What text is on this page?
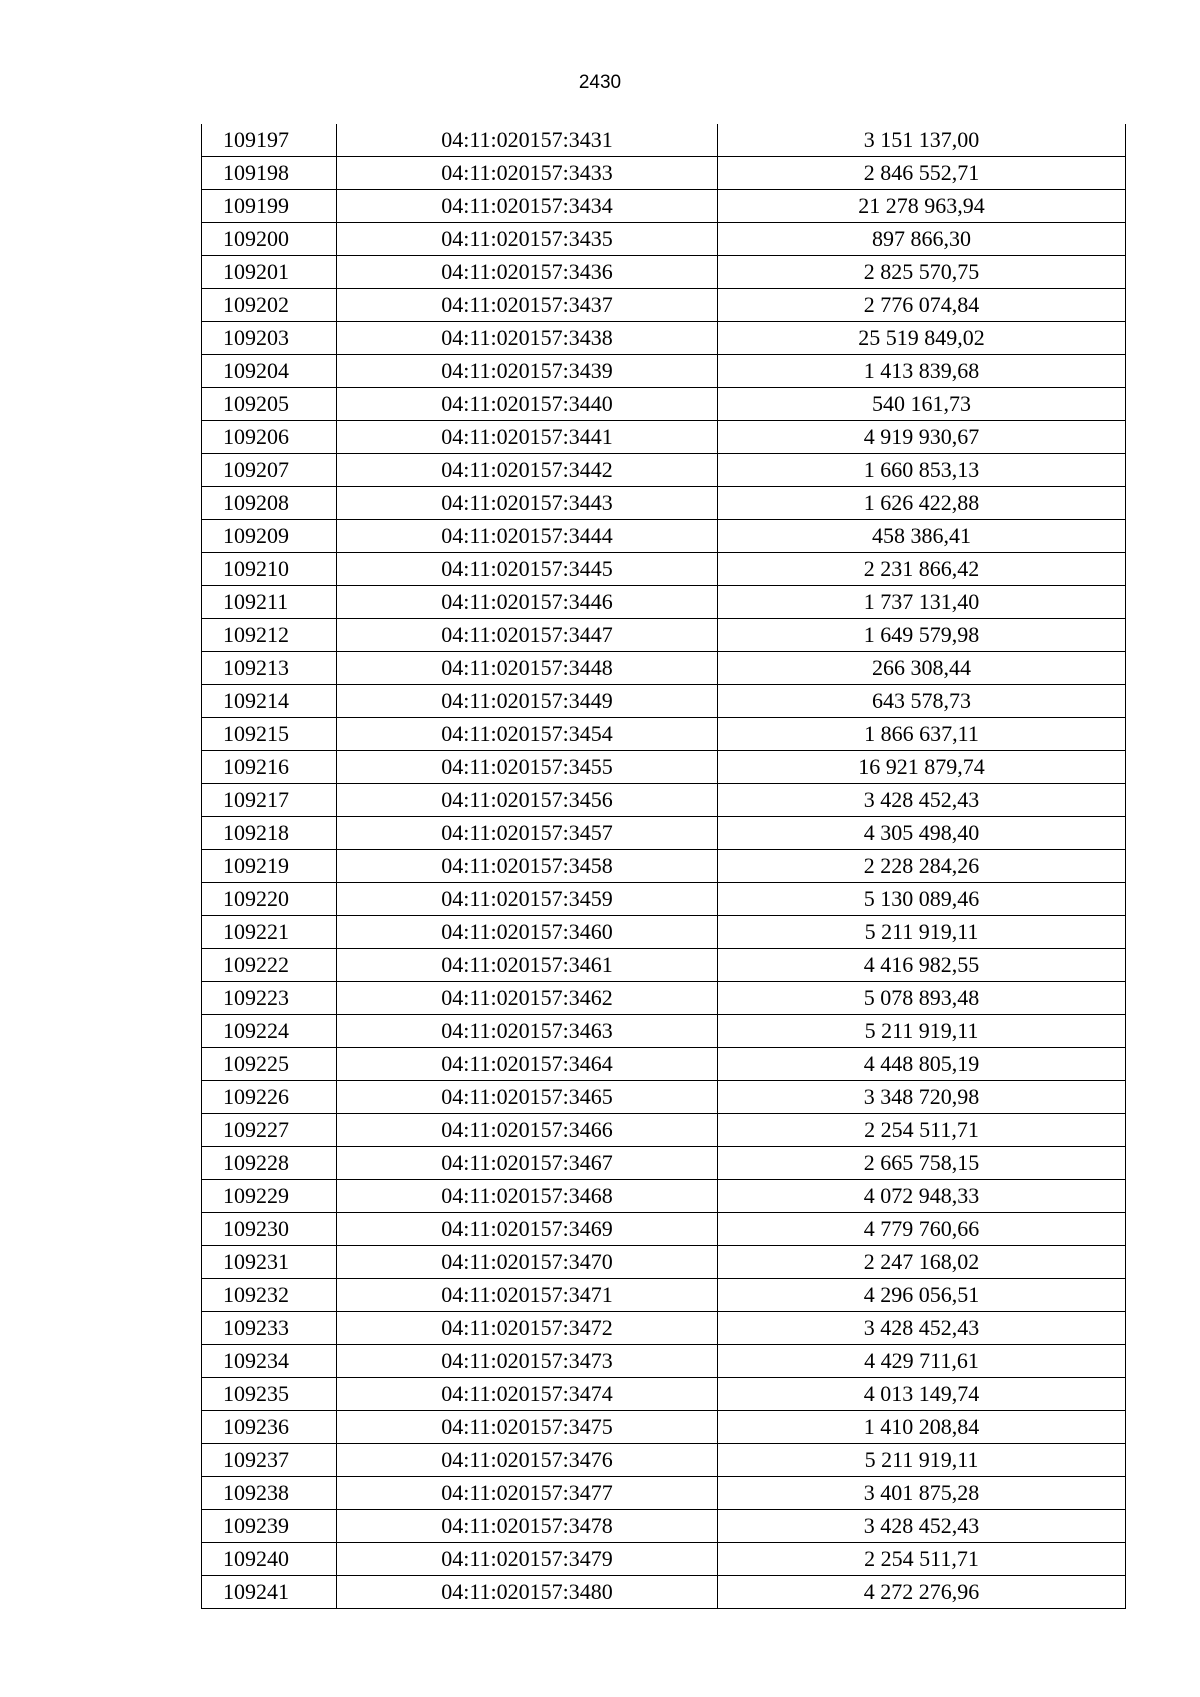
2430
109197	04:11:020157:3431	3 151 137,00
109198	04:11:020157:3433	2 846 552,71
109199	04:11:020157:3434	21 278 963,94
109200	04:11:020157:3435	897 866,30
109201	04:11:020157:3436	2 825 570,75
109202	04:11:020157:3437	2 776 074,84
109203	04:11:020157:3438	25 519 849,02
109204	04:11:020157:3439	1 413 839,68
109205	04:11:020157:3440	540 161,73
109206	04:11:020157:3441	4 919 930,67
109207	04:11:020157:3442	1 660 853,13
109208	04:11:020157:3443	1 626 422,88
109209	04:11:020157:3444	458 386,41
109210	04:11:020157:3445	2 231 866,42
109211	04:11:020157:3446	1 737 131,40
109212	04:11:020157:3447	1 649 579,98
109213	04:11:020157:3448	266 308,44
109214	04:11:020157:3449	643 578,73
109215	04:11:020157:3454	1 866 637,11
109216	04:11:020157:3455	16 921 879,74
109217	04:11:020157:3456	3 428 452,43
109218	04:11:020157:3457	4 305 498,40
109219	04:11:020157:3458	2 228 284,26
109220	04:11:020157:3459	5 130 089,46
109221	04:11:020157:3460	5 211 919,11
109222	04:11:020157:3461	4 416 982,55
109223	04:11:020157:3462	5 078 893,48
109224	04:11:020157:3463	5 211 919,11
109225	04:11:020157:3464	4 448 805,19
109226	04:11:020157:3465	3 348 720,98
109227	04:11:020157:3466	2 254 511,71
109228	04:11:020157:3467	2 665 758,15
109229	04:11:020157:3468	4 072 948,33
109230	04:11:020157:3469	4 779 760,66
109231	04:11:020157:3470	2 247 168,02
109232	04:11:020157:3471	4 296 056,51
109233	04:11:020157:3472	3 428 452,43
109234	04:11:020157:3473	4 429 711,61
109235	04:11:020157:3474	4 013 149,74
109236	04:11:020157:3475	1 410 208,84
109237	04:11:020157:3476	5 211 919,11
109238	04:11:020157:3477	3 401 875,28
109239	04:11:020157:3478	3 428 452,43
109240	04:11:020157:3479	2 254 511,71
109241	04:11:020157:3480	4 272 276,96
